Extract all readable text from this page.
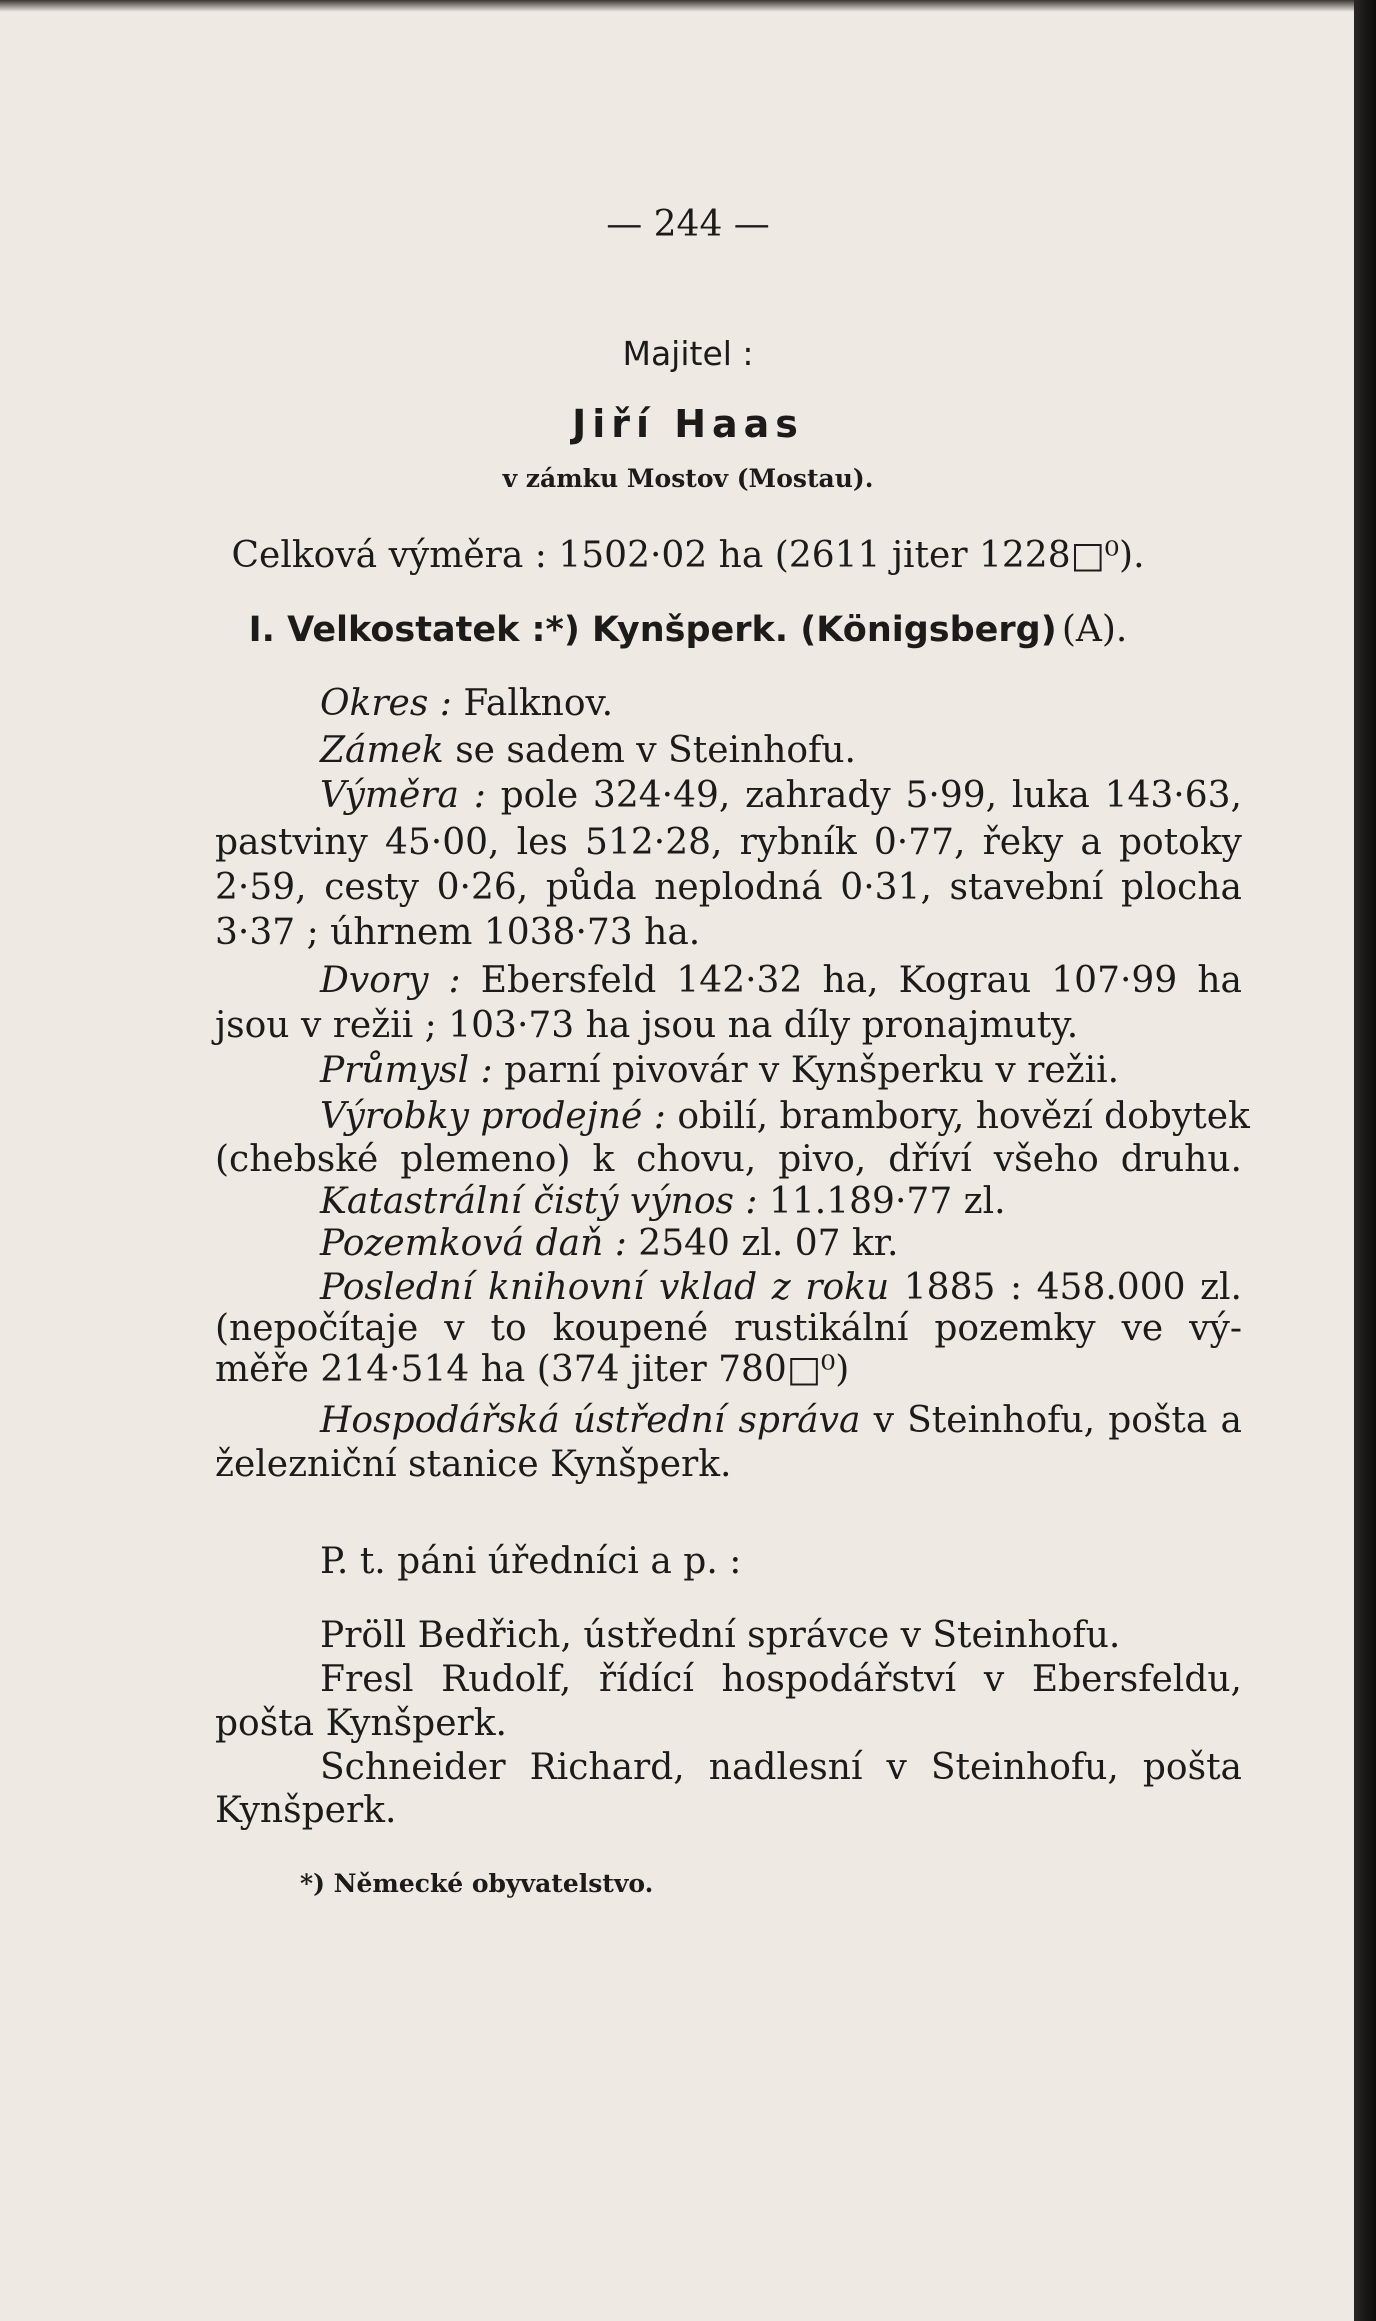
— 244 —
Majitel :
Jiří Haas
v zámku Mostov (Mostau).
Celková výměra : 1502·02 ha (2611 jiter 1228□⁰).
I. Velkostatek :*) Kynšperk. (Königsberg) (A).
Okres : Falknov.
Zámek se sadem v Steinhofu.
Výměra : pole 324·49, zahrady 5·99, luka 143·63,
pastviny 45·00, les 512·28, rybník 0·77, řeky a potoky
2·59, cesty 0·26, půda neplodná 0·31, stavební plocha
3·37 ; úhrnem 1038·73 ha.
Dvory : Ebersfeld 142·32 ha, Kograu 107·99 ha
jsou v režii ; 103·73 ha jsou na díly pronajmuty.
Průmysl : parní pivovár v Kynšperku v režii.
Výrobky prodejné : obilí, brambory, hovězí dobytek
(chebské plemeno) k chovu, pivo, dříví všeho druhu.
Katastrální čistý výnos : 11.189·77 zl.
Pozemková daň : 2540 zl. 07 kr.
Poslední knihovní vklad z roku 1885 : 458.000 zl.
(nepočítaje v to koupené rustikální pozemky ve vý-
měře 214·514 ha (374 jiter 780□⁰)
Hospodářská ústřední správa v Steinhofu, pošta a
železniční stanice Kynšperk.
P. t. páni úředníci a p. :
Pröll Bedřich, ústřední správce v Steinhofu.
Fresl Rudolf, řídící hospodářství v Ebersfeldu,
pošta Kynšperk.
Schneider Richard, nadlesní v Steinhofu, pošta
Kynšperk.
*) Německé obyvatelstvo.
